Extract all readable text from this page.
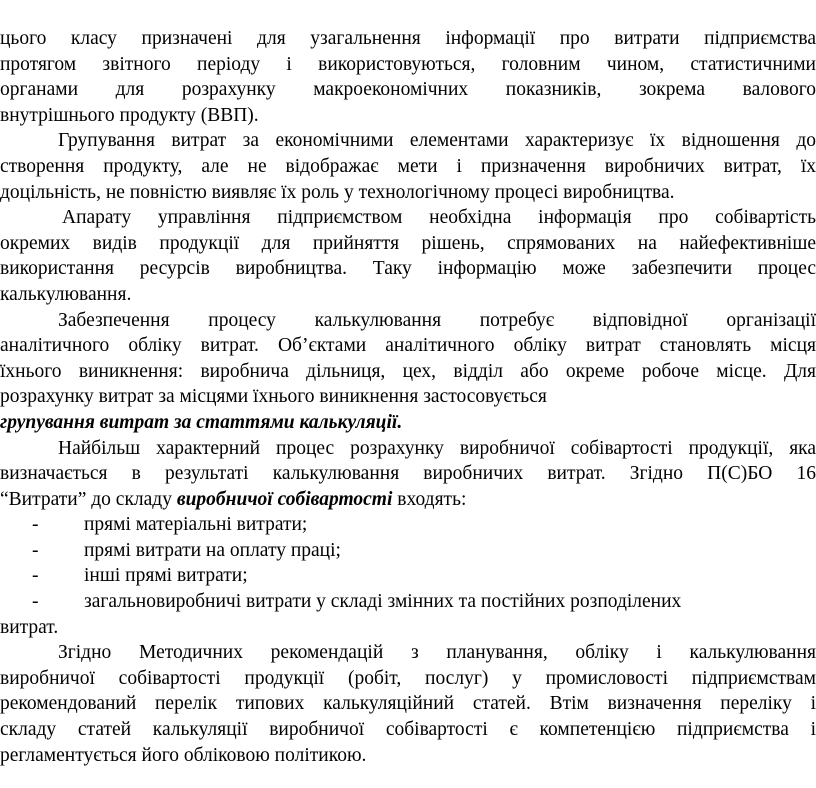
цього класу призначені для узагальнення інформації про витрати підприємства
протягом звітного періоду і використовуються, головним чином, статистичними
органами для розрахунку макроекономічних показників, зокрема валового
внутрішнього продукту (ВВП).
Групування витрат за економічними елементами характеризує їх відношення до
створення продукту, але не відображає мети і призначення виробничих витрат, їх
доцільність, не повністю виявляє їх роль у технологічному процесі виробництва.
Апарату управління підприємством необхідна інформація про собівартість
окремих видів продукції для прийняття рішень, спрямованих на найефективніше
використання ресурсів виробництва. Таку інформацію може забезпечити процес
калькулювання.
Забезпечення процесу калькулювання потребує відповідної організації
аналітичного обліку витрат. Об’єктами аналітичного обліку витрат становлять місця
їхнього виникнення: виробнича дільниця, цех, відділ або окреме робоче місце. Для
розрахунку витрат за місцями їхнього виникнення застосовується
групування витрат за статтями калькуляції.
Найбільш характерний процес розрахунку виробничої собівартості продукції, яка
визначається в результаті калькулювання виробничих витрат. Згідно П(С)БО 16
“Витрати” до складу виробничої собівартості входять:
- прямі матеріальні витрати;
- прямі витрати на оплату праці;
- інші прямі витрати;
- загальновиробничі витрати у складі змінних та постійних розподілених
витрат.
Згідно Методичних рекомендацій з планування, обліку і калькулювання
виробничої собівартості продукції (робіт, послуг) у промисловості підприємствам
рекомендований перелік типових калькуляційний статей. Втім визначення переліку і
складу статей калькуляції виробничої собівартості є компетенцією підприємства і
регламентується його обліковою політикою.
